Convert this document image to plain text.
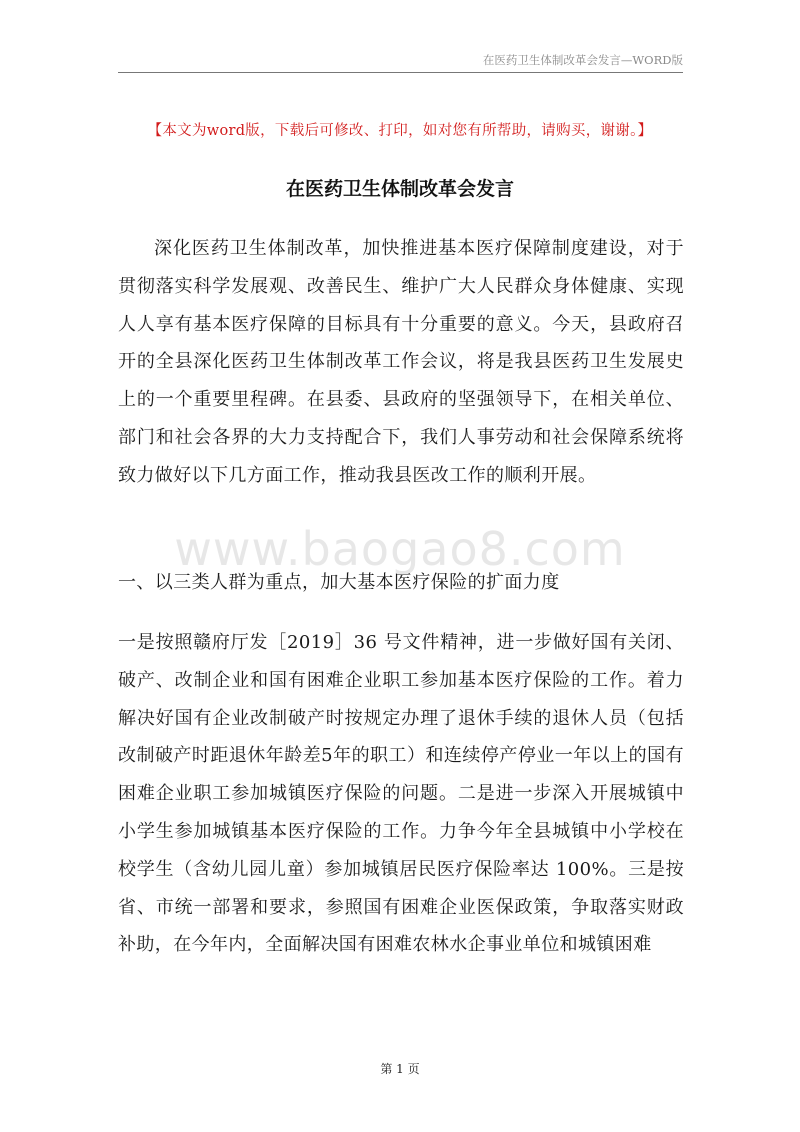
在医药卫生体制改革会发言—WORD版
【本文为word版，下载后可修改、打印，如对您有所帮助，请购买，谢谢。】
在医药卫生体制改革会发言
深化医药卫生体制改革，加快推进基本医疗保障制度建设，对于贯彻落实科学发展观、改善民生、维护广大人民群众身体健康、实现人人享有基本医疗保障的目标具有十分重要的意义。今天，县政府召开的全县深化医药卫生体制改革工作会议，将是我县医药卫生发展史上的一个重要里程碑。在县委、县政府的坚强领导下，在相关单位、部门和社会各界的大力支持配合下，我们人事劳动和社会保障系统将致力做好以下几方面工作，推动我县医改工作的顺利开展。
www.baogao8.com
一、以三类人群为重点，加大基本医疗保险的扩面力度
一是按照赣府厅发［2019］36 号文件精神，进一步做好国有关闭、破产、改制企业和国有困难企业职工参加基本医疗保险的工作。着力解决好国有企业改制破产时按规定办理了退休手续的退休人员（包括改制破产时距退休年龄差5年的职工）和连续停产停业一年以上的国有困难企业职工参加城镇医疗保险的问题。二是进一步深入开展城镇中小学生参加城镇基本医疗保险的工作。力争今年全县城镇中小学校在校学生（含幼儿园儿童）参加城镇居民医疗保险率达 100%。三是按省、市统一部署和要求，参照国有困难企业医保政策，争取落实财政补助，在今年内，全面解决国有困难农林水企事业单位和城镇困难
第 1 页
